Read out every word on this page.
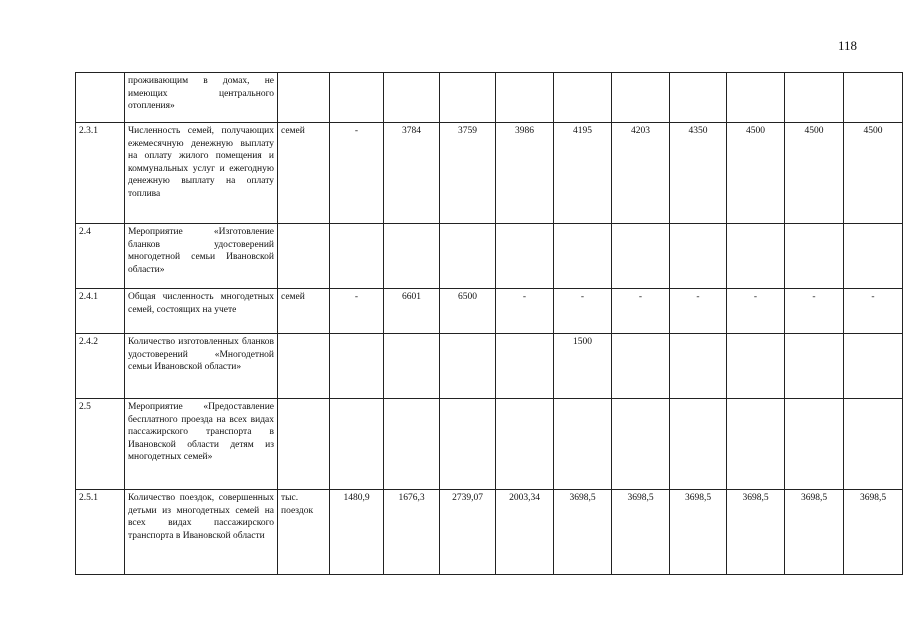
118
	проживающим в домах, не имеющих центрального отопления»											
2.3.1	Численность семей, получающих ежемесячную денежную выплату на оплату жилого помещения и коммунальных услуг и ежегодную денежную выплату на оплату топлива	семей	-	3784	3759	3986	4195	4203	4350	4500	4500	4500
2.4	Мероприятие «Изготовление бланков удостоверений многодетной семьи Ивановской области»											
2.4.1	Общая численность многодетных семей, состоящих на учете	семей	-	6601	6500	-	-	-	-	-	-	-
2.4.2	Количество изготовленных бланков удостоверений «Многодетной семьи Ивановской области»						1500					
2.5	Мероприятие «Предоставление бесплатного проезда на всех видах пассажирского транспорта в Ивановской области детям из многодетных семей»											
2.5.1	Количество поездок, совершенных детьми из многодетных семей на всех видах пассажирского транспорта в Ивановской области	тыс. поездок	1480,9	1676,3	2739,07	2003,34	3698,5	3698,5	3698,5	3698,5	3698,5	3698,5
